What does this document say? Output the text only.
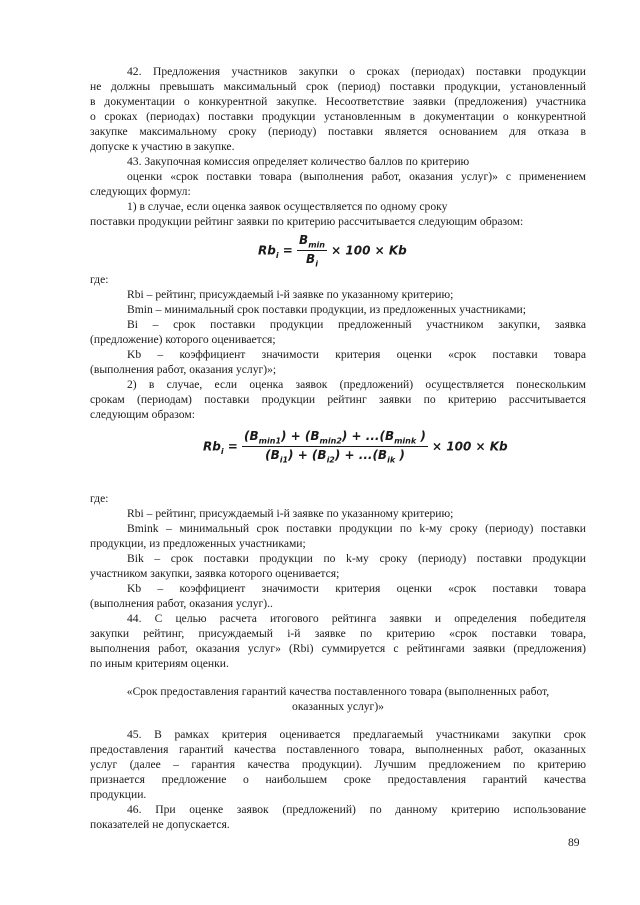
42. Предложения участников закупки о сроках (периодах) поставки продукции
не должны превышать максимальный срок (период) поставки продукции, установленный
в документации о конкурентной закупке. Несоответствие заявки (предложения) участника
о сроках (периодах) поставки продукции установленным в документации о конкурентной
закупке максимальному сроку (периоду) поставки является основанием для отказа в
допуске к участию в закупке.
43. Закупочная комиссия определяет количество баллов по критерию
оценки «срок поставки товара (выполнения работ, оказания услуг)» с применением
следующих формул:
1) в случае, если оценка заявок осуществляется по одному сроку
поставки продукции рейтинг заявки по критерию рассчитывается следующим образом:
где:
Rbi – рейтинг, присуждаемый i-й заявке по указанному критерию;
Bmin – минимальный срок поставки продукции, из предложенных участниками;
Bi – срок поставки продукции предложенный участником закупки, заявка
(предложение) которого оценивается;
Kb – коэффициент значимости критерия оценки «срок поставки товара
(выполнения работ, оказания услуг)»;
2) в случае, если оценка заявок (предложений) осуществляется понескольким
срокам (периодам) поставки продукции рейтинг заявки по критерию рассчитывается
следующим образом:
где:
Rbi – рейтинг, присуждаемый i-й заявке по указанному критерию;
Bmink – минимальный срок поставки продукции по k-му сроку (периоду) поставки
продукции, из предложенных участниками;
Bik – срок поставки продукции по k-му сроку (периоду) поставки продукции
участником закупки, заявка которого оценивается;
Kb – коэффициент значимости критерия оценки «срок поставки товара
(выполнения работ, оказания услуг)..
44. С целью расчета итогового рейтинга заявки и определения победителя
закупки рейтинг, присуждаемый i-й заявке по критерию «срок поставки товара,
выполнения работ, оказания услуг» (Rbi) суммируется с рейтингами заявки (предложения)
по иным критериям оценки.
45. В рамках критерия оценивается предлагаемый участниками закупки срок
предоставления гарантий качества поставленного товара, выполненных работ, оказанных
услуг (далее – гарантия качества продукции). Лучшим предложением по критерию
признается предложение о наибольшем сроке предоставления гарантий качества
продукции.
46. При оценке заявок (предложений) по данному критерию использование
показателей не допускается.
$Rb_i = \frac{B_{min}}{B_i} \times 100 \times Kb$
$Rb_i = \frac{(B_{min1}) + (B_{min2}) + ...(B_{mink} )}{(B_{i1}) + (B_{i2}) + ...(B_{ik} )} \times 100 \times Kb$
«Срок предоставления гарантий качества поставленного товара (выполненных работ,
оказанных услуг)»
89
